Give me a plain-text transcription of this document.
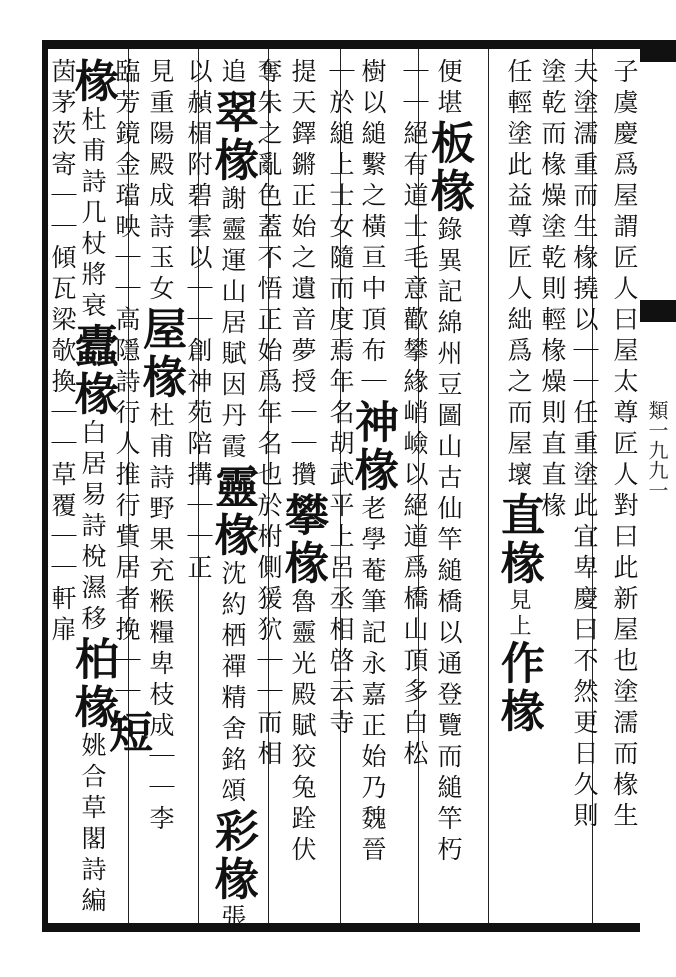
類一九九一
子虞慶爲屋謂匠人曰屋太尊匠人對曰此新屋也塗濡而椽生
夫塗濡重而生椽撓以｜｜任重塗此宜卑慶曰不然更日久則
塗乾而椽燥塗乾則輕椽燥則直直椽
任輕塗此益尊匠人絀爲之而屋壞
直椽
見上
作椽
便堪
板椽
錄異記綿州豆圖山古仙竿縋橋以通登覽而縋竿朽
｜｜
絕有道士毛意歡攀緣峭嶮以絕道爲橋山頂多白松
樹以縋繫之橫亘中頂布｜
神椽
老學菴筆記永嘉正始乃魏晉
｜於縋上士女隨而度焉
年名胡武平上呂丞相啓云寺
提天鐸鏘正始之遺音夢授｜｜攢
攀椽
魯靈光殿賦狡兔跧伏
奪朱之亂色蓋不悟正始爲年名也
於柎側猨狖｜｜而相
追
翠椽
謝靈運山居賦因丹霞
靈椽
沈約栖禪精舍銘頌
彩椽
張
以赬楣附碧雲以｜｜
創神苑陪搆｜｜
正
見重陽殿成詩玉女
屋椽
杜甫詩野果充糇糧卑枝成｜｜李
臨芳鏡金璫映｜｜
高隱詩行人推行貲居者挽｜｜
短
椽
杜甫詩几杖將衰
蠹椽
白居易詩梲濕移
柏椽
姚合草閣詩編
茵茅茨寄｜｜
傾瓦梁欹換｜｜
草覆｜｜軒扉
